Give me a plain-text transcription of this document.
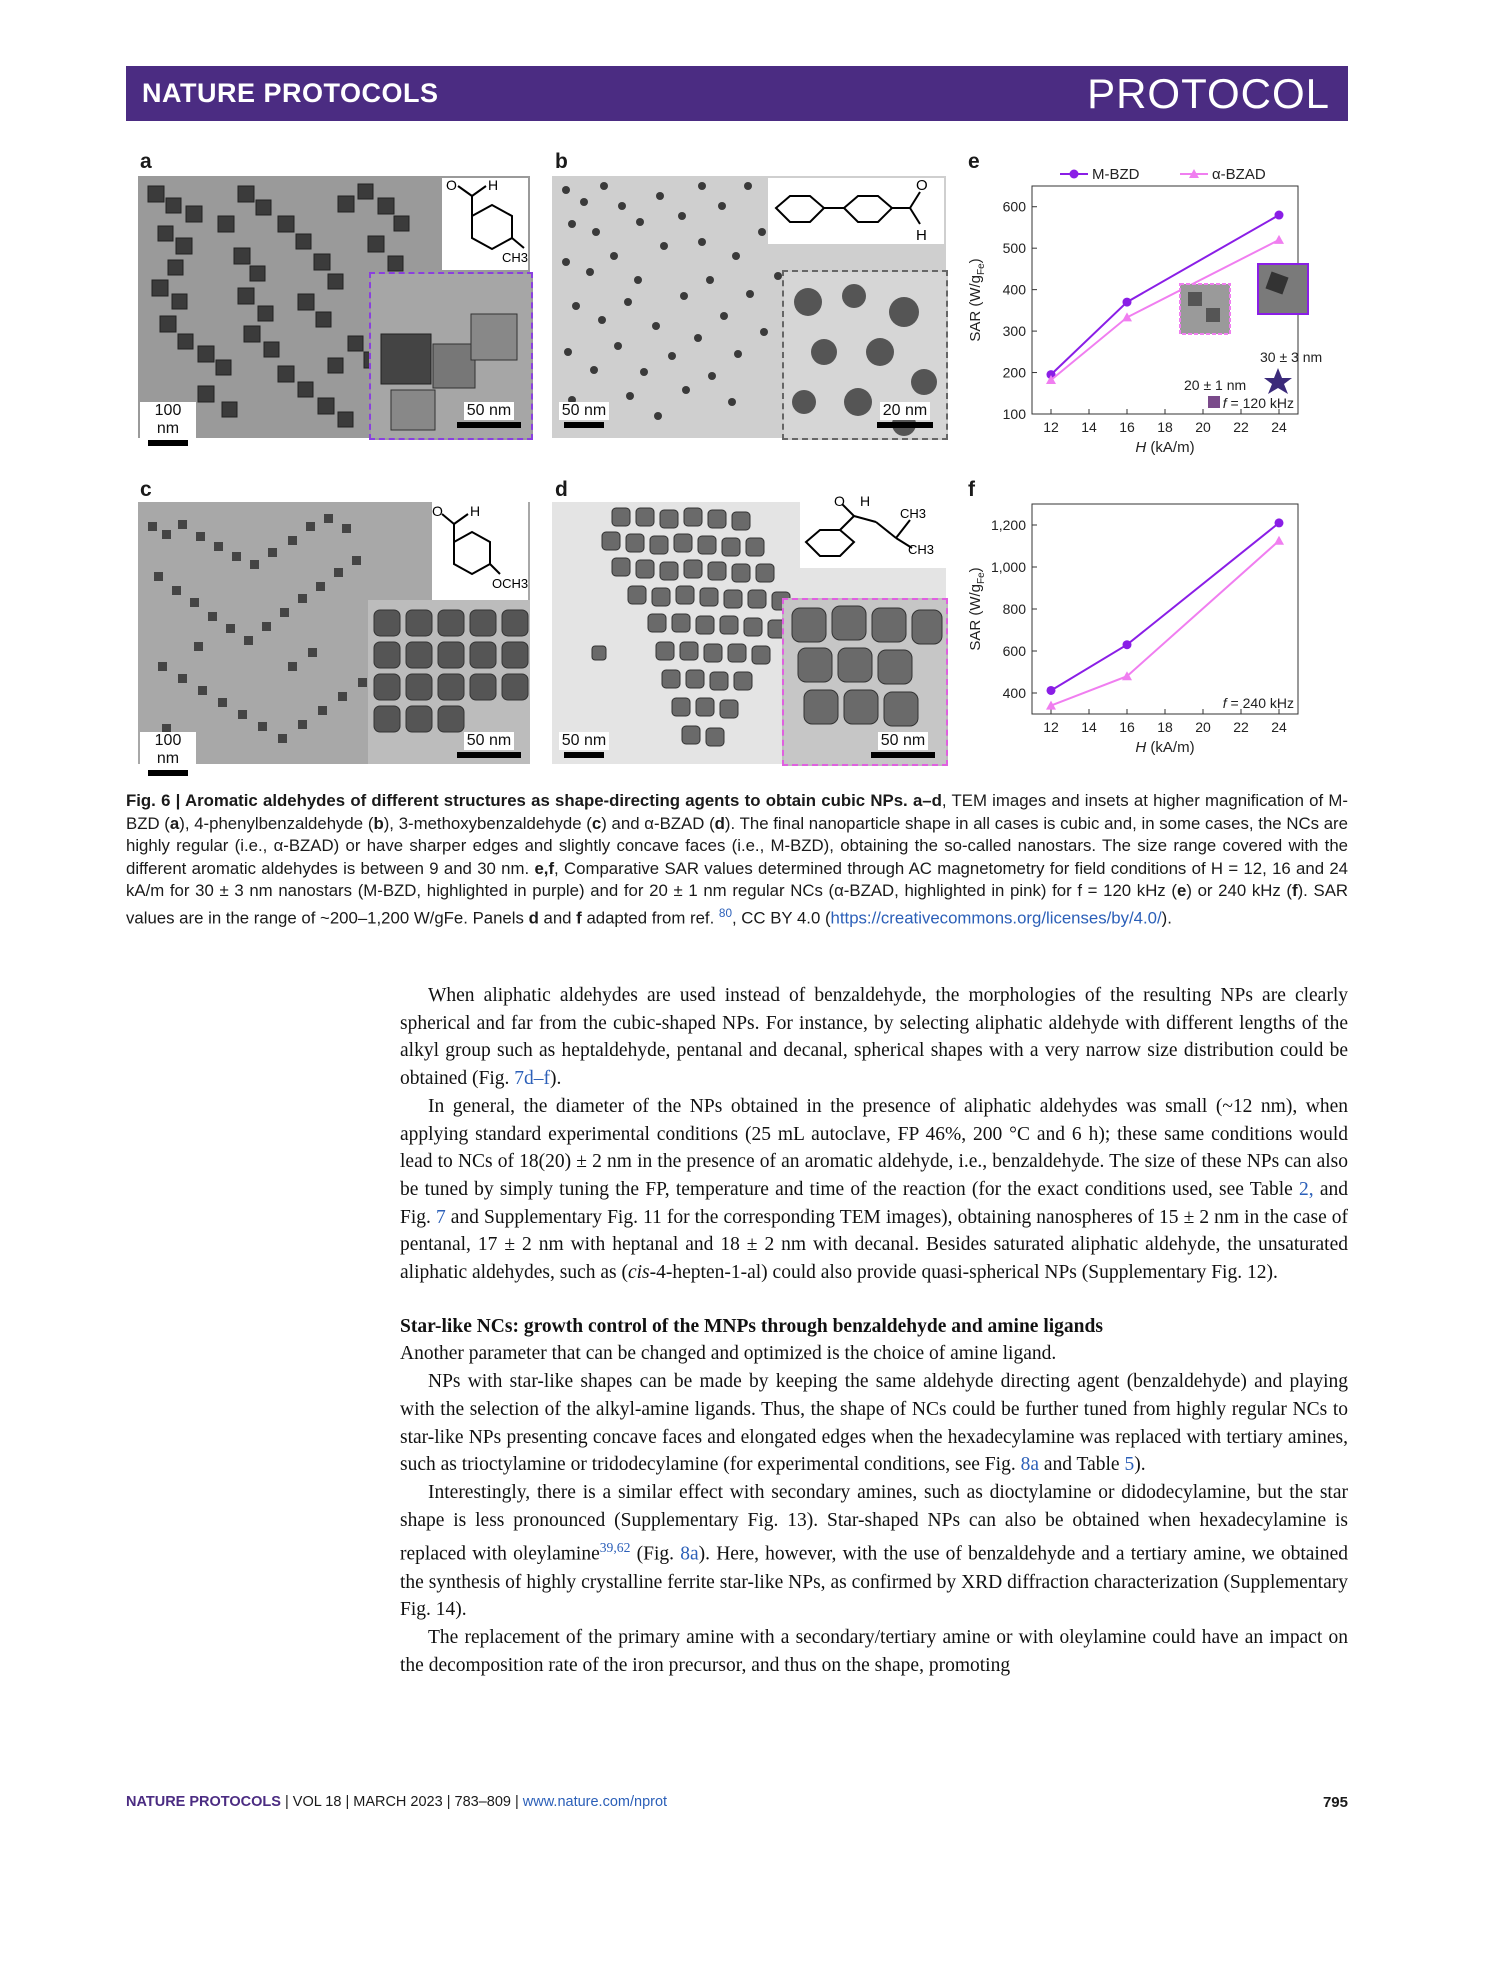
NATURE PROTOCOLS	PROTOCOL
a	b	e
c	d	f
O H
CH3
100 nm
50 nm
O
H
50 nm	20 nm
O H
OCH3
100 nm
50 nm
O H
CH3
CH3
50 nm	50 nm
12 14 16 18 20 22 24
100
200
300
400
500
600
H (kA/m)
SAR $(W/g_{Fe})$
M-BZD	α-BZAD
f = 120 kHz
30 ± 3 nm
20 ± 1 nm
12 14 16 18 20 22 24
400
600
800
1,000
1,200
H (kA/m)
SAR $(W/g_{Fe})$
f = 240 kHz
Fig. 6 | Aromatic aldehydes of different structures as shape-directing agents to obtain cubic NPs. a–d, TEM images and insets at higher magnification of M-BZD (a), 4-phenylbenzaldehyde (b), 3-methoxybenzaldehyde (c) and α-BZAD (d). The final nanoparticle shape in all cases is cubic and, in some cases, the NCs are highly regular (i.e., α-BZAD) or have sharper edges and slightly concave faces (i.e., M-BZD), obtaining the so-called nanostars. The size range covered with the different aromatic aldehydes is between 9 and 30 nm. e,f, Comparative SAR values determined through AC magnetometry for field conditions of H = 12, 16 and 24 kA/m for 30 ± 3 nm nanostars (M-BZD, highlighted in purple) and for 20 ± 1 nm regular NCs (α-BZAD, highlighted in pink) for f = 120 kHz (e) or 240 kHz (f). SAR values are in the range of ~200–1,200 W/gFe. Panels d and f adapted from ref. $^{80}$, CC BY 4.0 (https://creativecommons.org/licenses/by/4.0/).

When aliphatic aldehydes are used instead of benzaldehyde, the morphologies of the resulting NPs are clearly spherical and far from the cubic-shaped NPs. For instance, by selecting aliphatic aldehyde with different lengths of the alkyl group such as heptaldehyde, pentanal and decanal, spherical shapes with a very narrow size distribution could be obtained (Fig. 7d–f).

In general, the diameter of the NPs obtained in the presence of aliphatic aldehydes was small (~12 nm), when applying standard experimental conditions (25 mL autoclave, FP 46%, 200 °C and 6 h); these same conditions would lead to NCs of 18(20) ± 2 nm in the presence of an aromatic aldehyde, i.e., benzaldehyde. The size of these NPs can also be tuned by simply tuning the FP, temperature and time of the reaction (for the exact conditions used, see Table 2, and Fig. 7 and Supplementary Fig. 11 for the corresponding TEM images), obtaining nanospheres of 15 ± 2 nm in the case of pentanal, 17 ± 2 nm with heptanal and 18 ± 2 nm with decanal. Besides saturated aliphatic aldehyde, the unsaturated aliphatic aldehydes, such as (cis-4-hepten-1-al) could also provide quasi-spherical NPs (Supplementary Fig. 12).

Star-like NCs: growth control of the MNPs through benzaldehyde and amine ligands

Another parameter that can be changed and optimized is the choice of amine ligand.

NPs with star-like shapes can be made by keeping the same aldehyde directing agent (benzaldehyde) and playing with the selection of the alkyl-amine ligands. Thus, the shape of NCs could be further tuned from highly regular NCs to star-like NPs presenting concave faces and elongated edges when the hexadecylamine was replaced with tertiary amines, such as trioctylamine or tridodecylamine (for experimental conditions, see Fig. 8a and Table 5).

Interestingly, there is a similar effect with secondary amines, such as dioctylamine or didodecylamine, but the star shape is less pronounced (Supplementary Fig. 13). Star-shaped NPs can also be obtained when hexadecylamine is replaced with oleylamine$^{39,62}$ (Fig. 8a). Here, however, with the use of benzaldehyde and a tertiary amine, we obtained the synthesis of highly crystalline ferrite star-like NPs, as confirmed by XRD diffraction characterization (Supplementary Fig. 14).

The replacement of the primary amine with a secondary/tertiary amine or with oleylamine could have an impact on the decomposition rate of the iron precursor, and thus on the shape, promoting

NATURE PROTOCOLS | VOL 18 | MARCH 2023 | 783–809 | www.nature.com/nprot	795
